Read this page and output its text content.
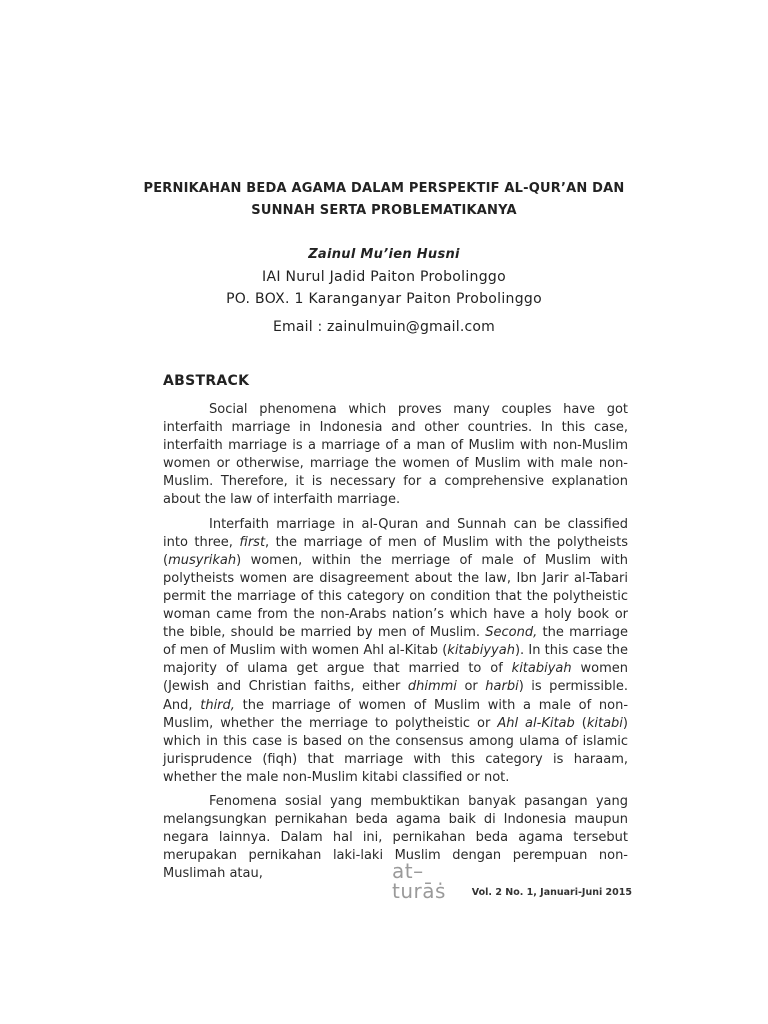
PERNIKAHAN BEDA AGAMA DALAM PERSPEKTIF AL-QUR’AN DAN
SUNNAH SERTA PROBLEMATIKANYA
Zainul Mu’ien Husni
IAI Nurul Jadid Paiton Probolinggo
PO. BOX. 1 Karanganyar Paiton Probolinggo
Email : zainulmuin@gmail.com
ABSTRACK

Social phenomena which proves many couples have got interfaith marriage in Indonesia and other countries. In this case, interfaith marriage is a marriage of a man of Muslim with non-Muslim women or otherwise, marriage the women of Muslim with male non-Muslim. Therefore, it is necessary for a comprehensive explanation about the law of interfaith marriage.

Interfaith marriage in al-Quran and Sunnah can be classified into three, first, the marriage of men of Muslim with the polytheists (musyrikah) women, within the merriage of male of Muslim with polytheists women are disagreement about the law, Ibn Jarir al-Tabari permit the marriage of this category on condition that the polytheistic woman came from the non-Arabs nation’s which have a holy book or the bible, should be married by men of Muslim. Second, the marriage of men of Muslim with women Ahl al-Kitab (kitabiyyah). In this case the majority of ulama get argue that married to of kitabiyah women (Jewish and Christian faiths, either dhimmi or harbi) is permissible. And, third, the marriage of women of Muslim with a male of non-Muslim, whether the merriage to polytheistic or Ahl al-Kitab (kitabi) which in this case is based on the consensus among ulama of islamic jurisprudence (fiqh) that marriage with this category is haraam, whether the male non-Muslim kitabi classified or not.

Fenomena sosial yang membuktikan banyak pasangan yang melangsungkan pernikahan beda agama baik di Indonesia maupun negara lainnya. Dalam hal ini, pernikahan beda agama tersebut merupakan pernikahan laki-laki Muslim dengan perempuan non-Muslimah atau,	at–turāṡ	Vol. 2 No. 1, Januari-Juni 2015
